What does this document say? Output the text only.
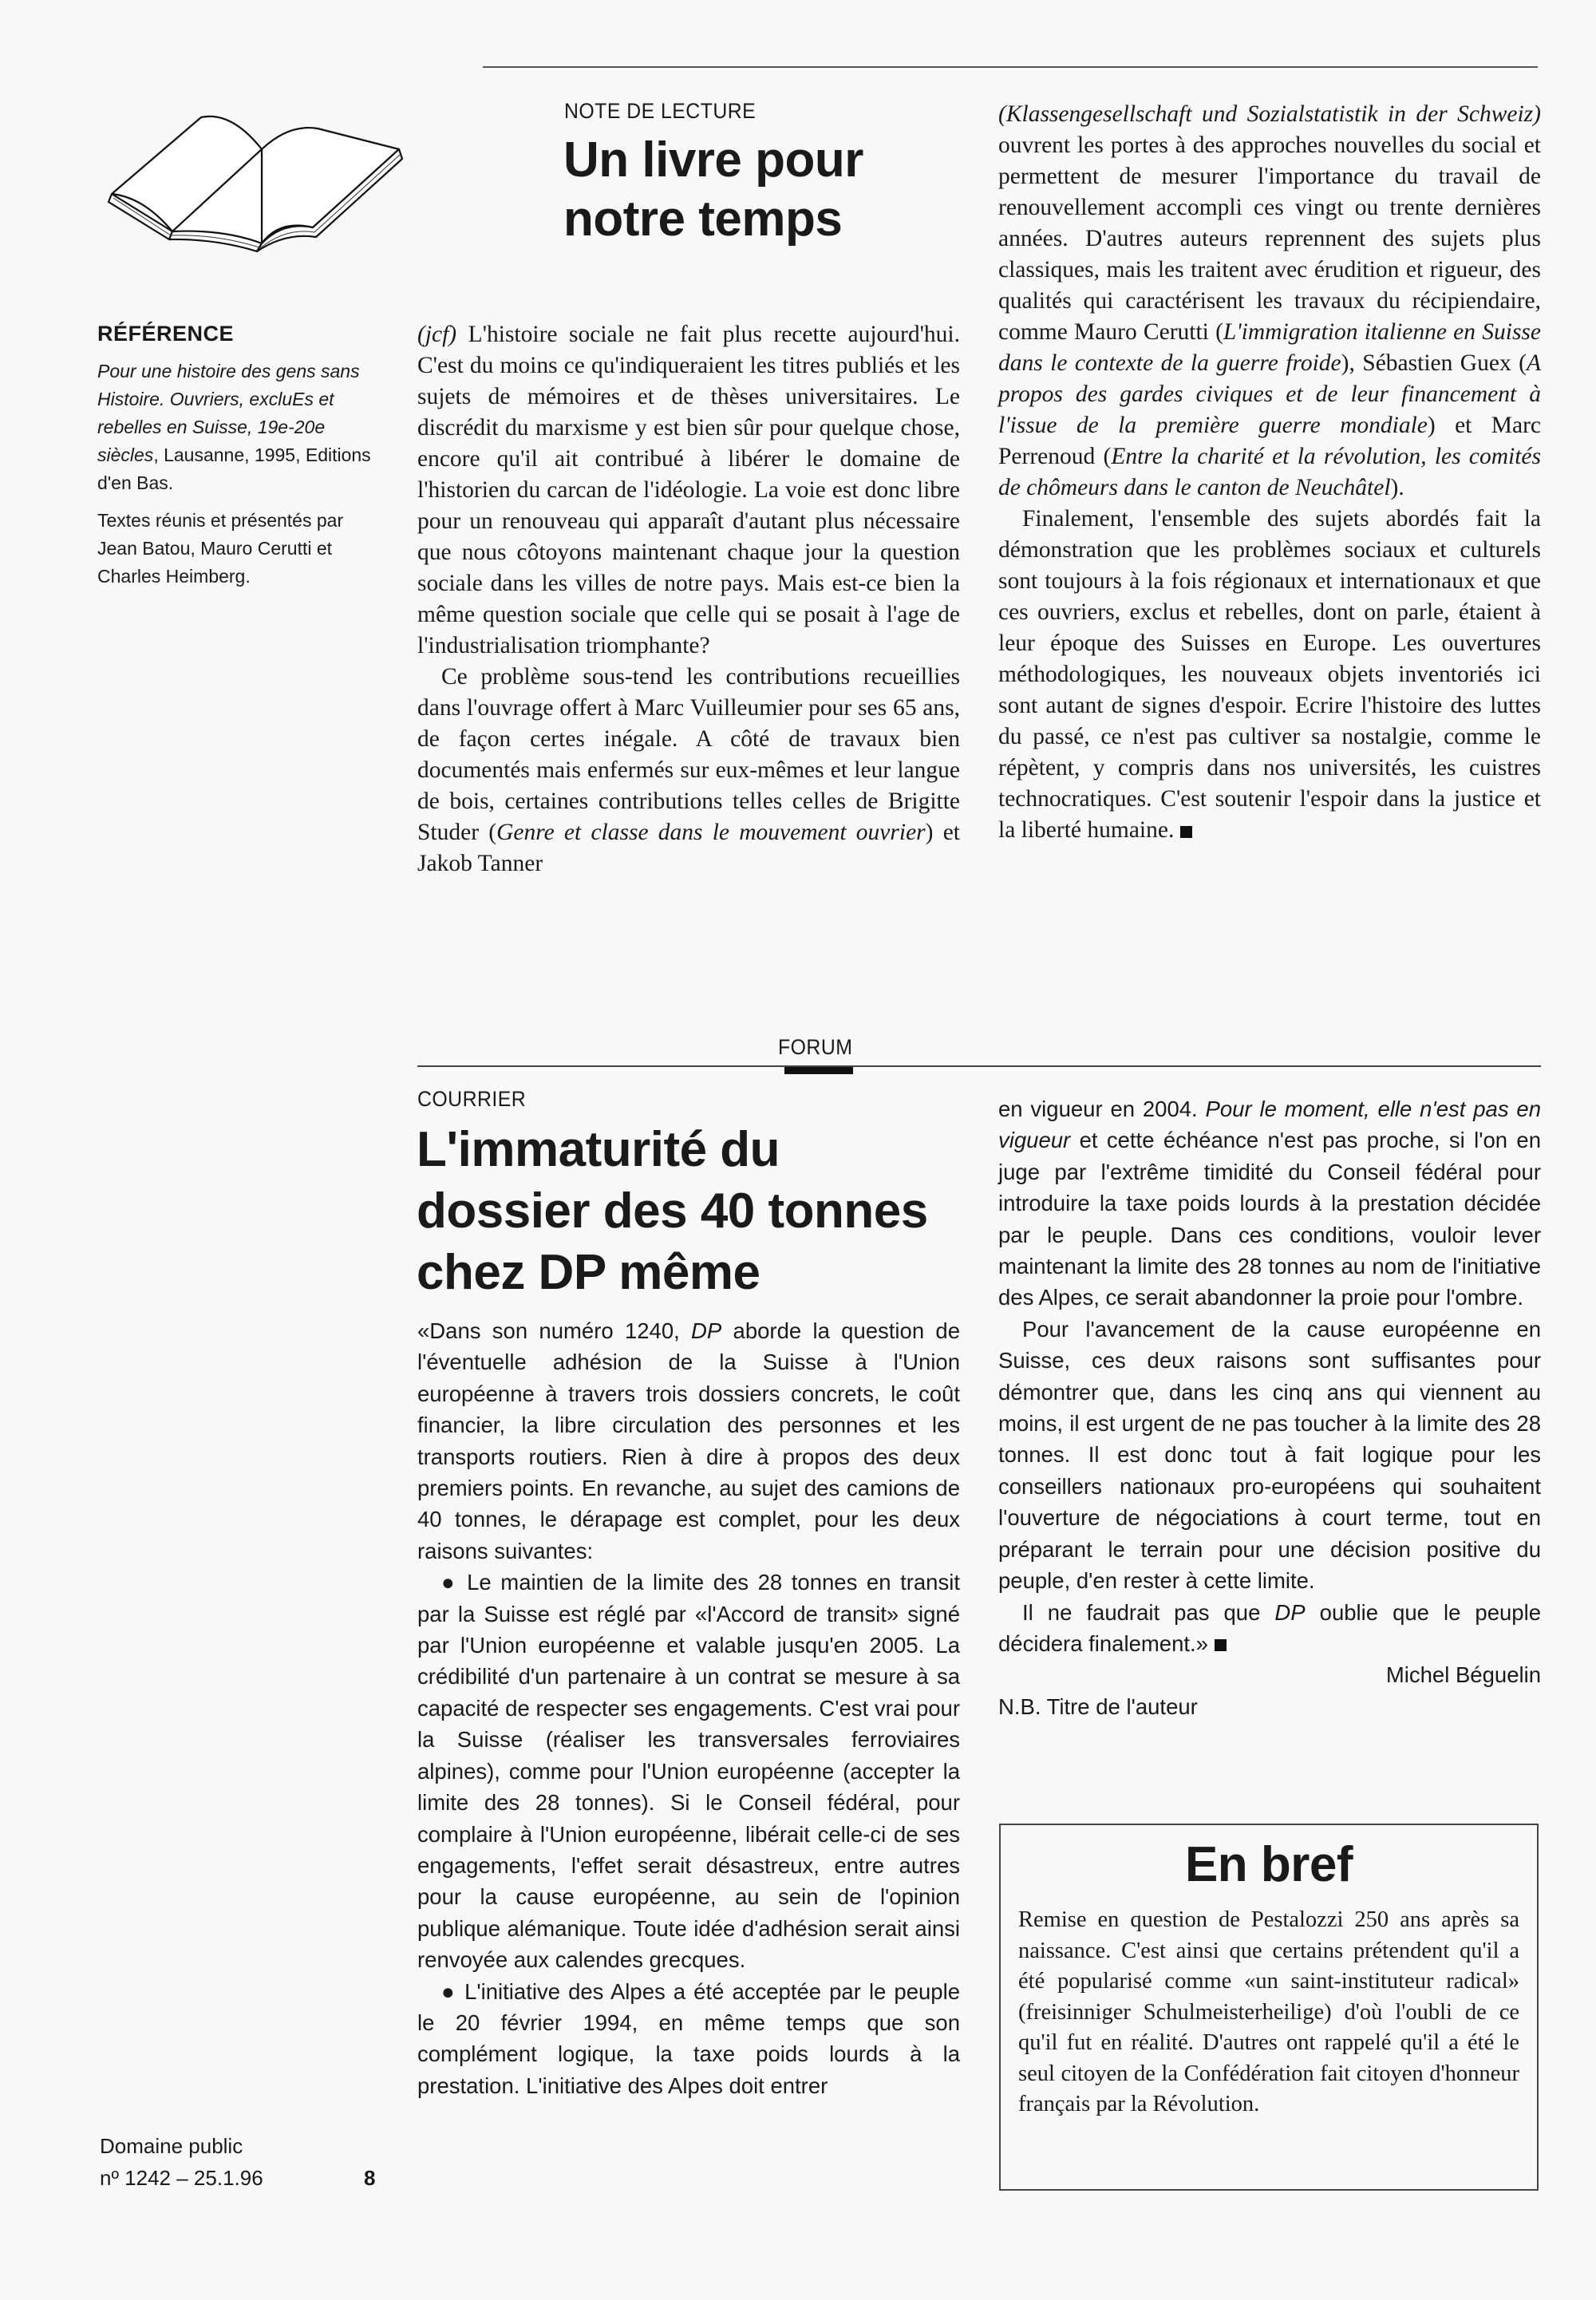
NOTE DE LECTURE
Un livre pour notre temps
RÉFÉRENCE
Pour une histoire des gens sans Histoire. Ouvriers, excluEs et rebelles en Suisse, 19e-20e siècles, Lausanne, 1995, Editions d'en Bas.
Textes réunis et présentés par Jean Batou, Mauro Cerutti et Charles Heimberg.

(jcf) L'histoire sociale ne fait plus recette aujourd'hui. C'est du moins ce qu'indiqueraient les titres publiés et les sujets de mémoires et de thèses universitaires. Le discrédit du marxisme y est bien sûr pour quelque chose, encore qu'il ait contribué à libérer le domaine de l'historien du carcan de l'idéologie. La voie est donc libre pour un renouveau qui apparaît d'autant plus nécessaire que nous côtoyons maintenant chaque jour la question sociale dans les villes de notre pays. Mais est-ce bien la même question sociale que celle qui se posait à l'age de l'industrialisation triomphante?

Ce problème sous-tend les contributions recueillies dans l'ouvrage offert à Marc Vuilleumier pour ses 65 ans, de façon certes inégale. A côté de travaux bien documentés mais enfermés sur eux-mêmes et leur langue de bois, certaines contributions telles celles de Brigitte Studer (Genre et classe dans le mouvement ouvrier) et Jakob Tanner

(Klassengesellschaft und Sozialstatistik in der Schweiz) ouvrent les portes à des approches nouvelles du social et permettent de mesurer l'importance du travail de renouvellement accompli ces vingt ou trente dernières années. D'autres auteurs reprennent des sujets plus classiques, mais les traitent avec érudition et rigueur, des qualités qui caractérisent les travaux du récipiendaire, comme Mauro Cerutti (L'immigration italienne en Suisse dans le contexte de la guerre froide), Sébastien Guex (A propos des gardes civiques et de leur financement à l'issue de la première guerre mondiale) et Marc Perrenoud (Entre la charité et la révolution, les comités de chômeurs dans le canton de Neuchâtel).

Finalement, l'ensemble des sujets abordés fait la démonstration que les problèmes sociaux et culturels sont toujours à la fois régionaux et internationaux et que ces ouvriers, exclus et rebelles, dont on parle, étaient à leur époque des Suisses en Europe. Les ouvertures méthodologiques, les nouveaux objets inventoriés ici sont autant de signes d'espoir. Ecrire l'histoire des luttes du passé, ce n'est pas cultiver sa nostalgie, comme le répètent, y compris dans nos universités, les cuistres technocratiques. C'est soutenir l'espoir dans la justice et la liberté humaine.

FORUM
COURRIER
L'immaturité du dossier des 40 tonnes chez DP même

«Dans son numéro 1240, DP aborde la question de l'éventuelle adhésion de la Suisse à l'Union européenne à travers trois dossiers concrets, le coût financier, la libre circulation des personnes et les transports routiers. Rien à dire à propos des deux premiers points. En revanche, au sujet des camions de 40 tonnes, le dérapage est complet, pour les deux raisons suivantes:

● Le maintien de la limite des 28 tonnes en transit par la Suisse est réglé par «l'Accord de transit» signé par l'Union européenne et valable jusqu'en 2005. La crédibilité d'un partenaire à un contrat se mesure à sa capacité de respecter ses engagements. C'est vrai pour la Suisse (réaliser les transversales ferroviaires alpines), comme pour l'Union européenne (accepter la limite des 28 tonnes). Si le Conseil fédéral, pour complaire à l'Union européenne, libérait celle-ci de ses engagements, l'effet serait désastreux, entre autres pour la cause européenne, au sein de l'opinion publique alémanique. Toute idée d'adhésion serait ainsi renvoyée aux calendes grecques.

● L'initiative des Alpes a été acceptée par le peuple le 20 février 1994, en même temps que son complément logique, la taxe poids lourds à la prestation. L'initiative des Alpes doit entrer

en vigueur en 2004. Pour le moment, elle n'est pas en vigueur et cette échéance n'est pas proche, si l'on en juge par l'extrême timidité du Conseil fédéral pour introduire la taxe poids lourds à la prestation décidée par le peuple. Dans ces conditions, vouloir lever maintenant la limite des 28 tonnes au nom de l'initiative des Alpes, ce serait abandonner la proie pour l'ombre.

Pour l'avancement de la cause européenne en Suisse, ces deux raisons sont suffisantes pour démontrer que, dans les cinq ans qui viennent au moins, il est urgent de ne pas toucher à la limite des 28 tonnes. Il est donc tout à fait logique pour les conseillers nationaux pro-européens qui souhaitent l'ouverture de négociations à court terme, tout en préparant le terrain pour une décision positive du peuple, d'en rester à cette limite.

Il ne faudrait pas que DP oublie que le peuple décidera finalement.»

Michel Béguelin

N.B. Titre de l'auteur

En bref
Remise en question de Pestalozzi 250 ans après sa naissance. C'est ainsi que certains prétendent qu'il a été popularisé comme «un saint-instituteur radical» (freisinniger Schulmeisterheilige) d'où l'oubli de ce qu'il fut en réalité. D'autres ont rappelé qu'il a été le seul citoyen de la Confédération fait citoyen d'honneur français par la Révolution.
Domaine public
nº 1242 – 25.1.96	8
